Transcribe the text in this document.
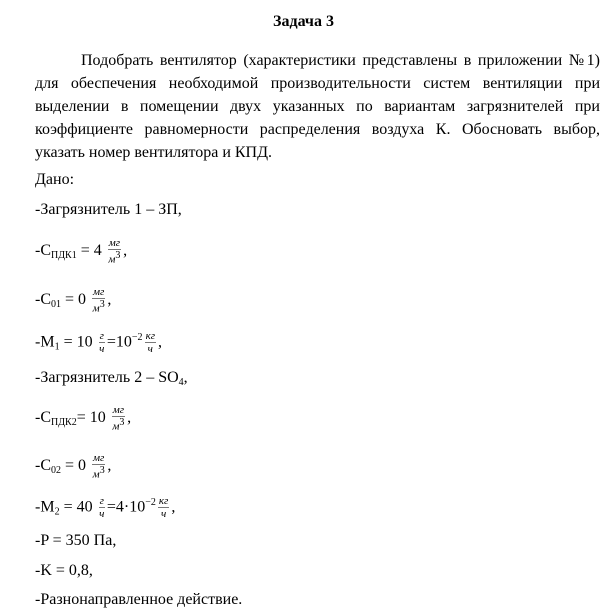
Задача 3
Подобрать вентилятор (характеристики представлены в приложении №1) для обеспечения необходимой производительности систем вентиляции при выделении в помещении двух указанных по вариантам загрязнителей при коэффициенте равномерности распределения воздуха К. Обосновать выбор, указать номер вентилятора и КПД.
Дано:
-Загрязнитель 1 – ЗП,
$-C_{ПДК1} = 4$ мг
$м^3$ ,
$-C_{01} = 0$ мг
$м^3$ ,
$-M_1 = 10$ г
$ч =10^{-2}$ кг
ч ,
-Загрязнитель $2 - SO_4$,
$-C_{ПДК2}= 10$ мг
$м^3$ ,
$-C_{02} = 0$ мг
$м^3$ ,
$-M_2 = 40$ г
$ч =4\cdot 10^{-2}$ кг
ч ,
-P = 350 Па,
-K = 0,8,
-Разнонаправленное действие.
